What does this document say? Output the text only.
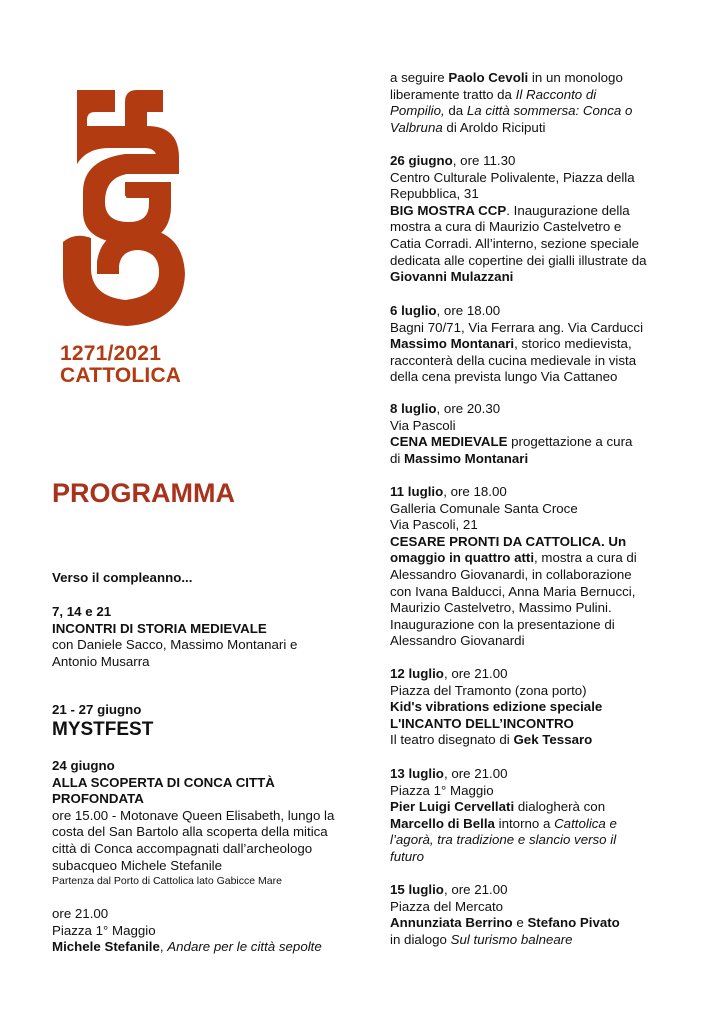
1271/2021
CATTOLICA
PROGRAMMA
Verso il compleanno...
7, 14 e 21
INCONTRI DI STORIA MEDIEVALE
con Daniele Sacco, Massimo Montanari e
Antonio Musarra
21 - 27 giugno
MYSTFEST
24 giugno
ALLA SCOPERTA DI CONCA CITTÀ
PROFONDATA
ore 15.00 - Motonave Queen Elisabeth, lungo la
costa del San Bartolo alla scoperta della mitica
città di Conca accompagnati dall’archeologo
subacqueo Michele Stefanile
Partenza dal Porto di Cattolica lato Gabicce Mare
ore 21.00
Piazza 1° Maggio
Michele Stefanile, Andare per le città sepolte
a seguire Paolo Cevoli in un monologo
liberamente tratto da Il Racconto di
Pompilio, da La città sommersa: Conca o
Valbruna di Aroldo Riciputi
26 giugno, ore 11.30
Centro Culturale Polivalente, Piazza della
Repubblica, 31
BIG MOSTRA CCP. Inaugurazione della
mostra a cura di Maurizio Castelvetro e
Catia Corradi. All’interno, sezione speciale
dedicata alle copertine dei gialli illustrate da
Giovanni Mulazzani
6 luglio, ore 18.00
Bagni 70/71, Via Ferrara ang. Via Carducci
Massimo Montanari, storico medievista,
racconterà della cucina medievale in vista
della cena prevista lungo Via Cattaneo
8 luglio, ore 20.30
Via Pascoli
CENA MEDIEVALE progettazione a cura
di Massimo Montanari
11 luglio, ore 18.00
Galleria Comunale Santa Croce
Via Pascoli, 21
CESARE PRONTI DA CATTOLICA. Un
omaggio in quattro atti, mostra a cura di
Alessandro Giovanardi, in collaborazione
con Ivana Balducci, Anna Maria Bernucci,
Maurizio Castelvetro, Massimo Pulini.
Inaugurazione con la presentazione di
Alessandro Giovanardi
12 luglio, ore 21.00
Piazza del Tramonto (zona porto)
Kid's vibrations edizione speciale
L'INCANTO DELL’INCONTRO
Il teatro disegnato di Gek Tessaro
13 luglio, ore 21.00
Piazza 1° Maggio
Pier Luigi Cervellati dialogherà con
Marcello di Bella intorno a Cattolica e
l’agorà, tra tradizione e slancio verso il
futuro
15 luglio, ore 21.00
Piazza del Mercato
Annunziata Berrino e Stefano Pivato
in dialogo Sul turismo balneare
